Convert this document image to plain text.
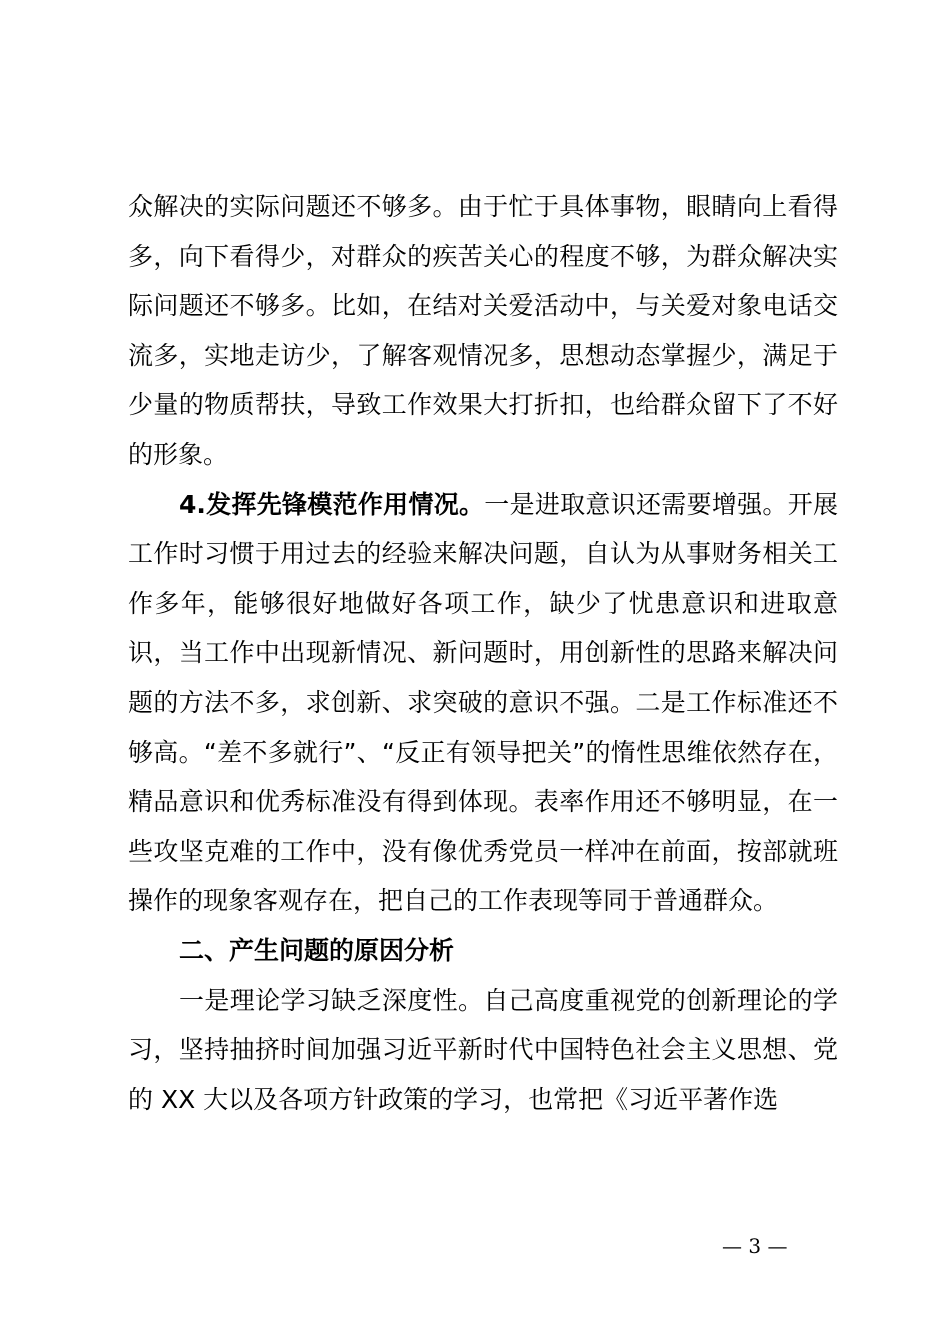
众解决的实际问题还不够多。由于忙于具体事物，眼睛向上看得多，向下看得少，对群众的疾苦关心的程度不够，为群众解决实际问题还不够多。比如，在结对关爱活动中，与关爱对象电话交流多，实地走访少，了解客观情况多，思想动态掌握少，满足于少量的物质帮扶，导致工作效果大打折扣，也给群众留下了不好的形象。

4.发挥先锋模范作用情况。一是进取意识还需要增强。开展工作时习惯于用过去的经验来解决问题，自认为从事财务相关工作多年，能够很好地做好各项工作，缺少了忧患意识和进取意识，当工作中出现新情况、新问题时，用创新性的思路来解决问题的方法不多，求创新、求突破的意识不强。二是工作标准还不够高。“差不多就行”、“反正有领导把关”的惰性思维依然存在，精品意识和优秀标准没有得到体现。表率作用还不够明显，在一些攻坚克难的工作中，没有像优秀党员一样冲在前面，按部就班操作的现象客观存在，把自己的工作表现等同于普通群众。

二、产生问题的原因分析

一是理论学习缺乏深度性。自己高度重视党的创新理论的学习，坚持抽挤时间加强习近平新时代中国特色社会主义思想、党的 XX 大以及各项方针政策的学习，也常把《习近平著作选

— 3 —
